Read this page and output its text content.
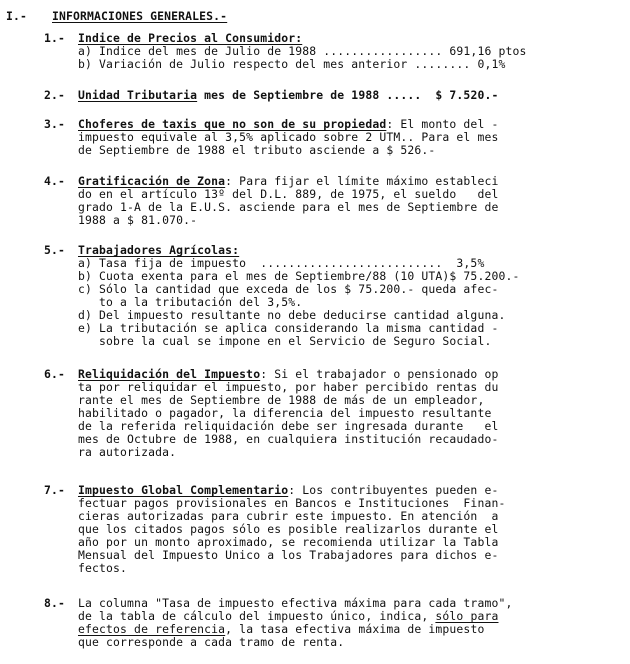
I.- INFORMACIONES GENERALES.-
1.- Indice de Precios al Consumidor:
a) Indice del mes de Julio de 1988 ................. 691,16 ptos
b) Variación de Julio respecto del mes anterior ........ 0,1%
2.- Unidad Tributaria mes de Septiembre de 1988 .....  $ 7.520.-
3.- Choferes de taxis que no son de su propiedad: El monto del -
impuesto equivale al 3,5% aplicado sobre 2 UTM.. Para el mes
de Septiembre de 1988 el tributo asciende a $ 526.-
4.- Gratificación de Zona: Para fijar el límite máximo estableci
do en el artículo 13º del D.L. 889, de 1975, el sueldo   del
grado 1-A de la E.U.S. asciende para el mes de Septiembre de
1988 a $ 81.070.-
5.- Trabajadores Agrícolas:
a) Tasa fija de impuesto  ..........................  3,5%
b) Cuota exenta para el mes de Septiembre/88 (10 UTA)$ 75.200.-
c) Sólo la cantidad que exceda de los $ 75.200.- queda afec-
to a la tributación del 3,5%.
d) Del impuesto resultante no debe deducirse cantidad alguna.
e) La tributación se aplica considerando la misma cantidad -
sobre la cual se impone en el Servicio de Seguro Social.
6.- Reliquidación del Impuesto: Si el trabajador o pensionado op
ta por reliquidar el impuesto, por haber percibido rentas du
rante el mes de Septiembre de 1988 de más de un empleador,
habilitado o pagador, la diferencia del impuesto resultante
de la referida reliquidación debe ser ingresada durante   el
mes de Octubre de 1988, en cualquiera institución recaudado-
ra autorizada.
7.- Impuesto Global Complementario: Los contribuyentes pueden e-
fectuar pagos provisionales en Bancos e Instituciones  Finan-
cieras autorizadas para cubrir este impuesto. En atención  a
que los citados pagos sólo es posible realizarlos durante el
año por un monto aproximado, se recomienda utilizar la Tabla
Mensual del Impuesto Unico a los Trabajadores para dichos e-
fectos.
8.- La columna "Tasa de impuesto efectiva máxima para cada tramo",
de la tabla de cálculo del impuesto único, indica, sólo para
efectos de referencia, la tasa efectiva máxima de impuesto
que corresponde a cada tramo de renta.
